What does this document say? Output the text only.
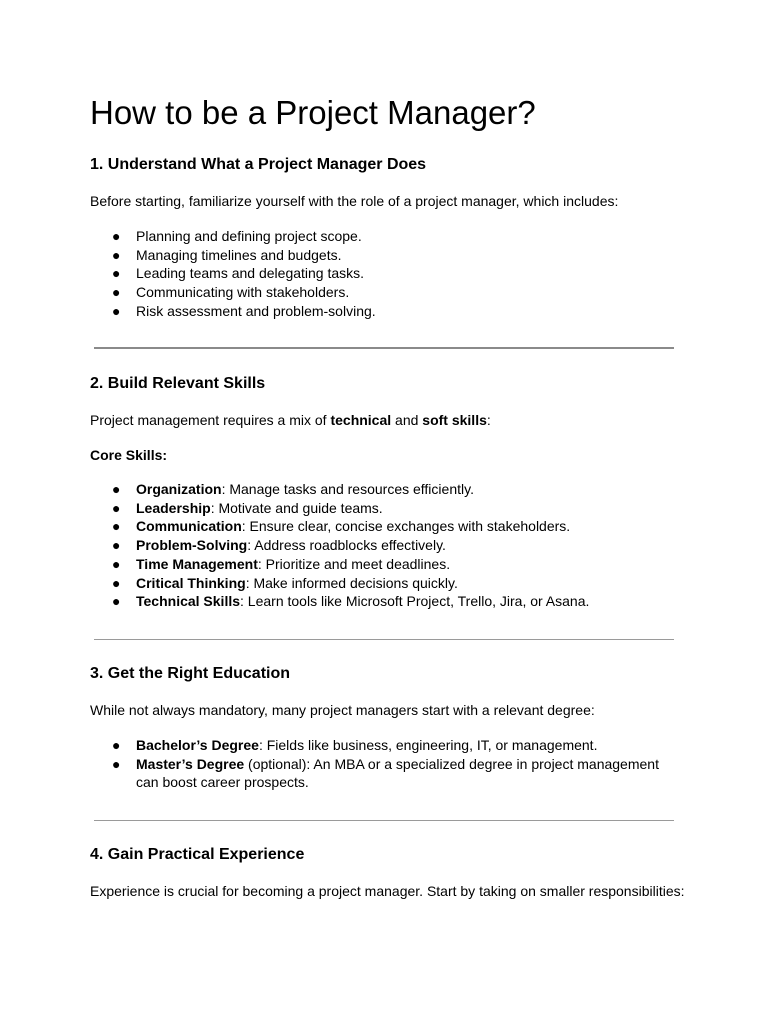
How to be a Project Manager?
1. Understand What a Project Manager Does

Before starting, familiarize yourself with the role of a project manager, which includes:

● Planning and defining project scope.
● Managing timelines and budgets.
● Leading teams and delegating tasks.
● Communicating with stakeholders.
● Risk assessment and problem-solving.
2. Build Relevant Skills

Project management requires a mix of technical and soft skills:

Core Skills:

● Organization: Manage tasks and resources efficiently.
● Leadership: Motivate and guide teams.
● Communication: Ensure clear, concise exchanges with stakeholders.
● Problem-Solving: Address roadblocks effectively.
● Time Management: Prioritize and meet deadlines.
● Critical Thinking: Make informed decisions quickly.
● Technical Skills: Learn tools like Microsoft Project, Trello, Jira, or Asana.
3. Get the Right Education

While not always mandatory, many project managers start with a relevant degree:

● Bachelor’s Degree: Fields like business, engineering, IT, or management.
● Master’s Degree (optional): An MBA or a specialized degree in project management
can boost career prospects.
4. Gain Practical Experience

Experience is crucial for becoming a project manager. Start by taking on smaller responsibilities:
